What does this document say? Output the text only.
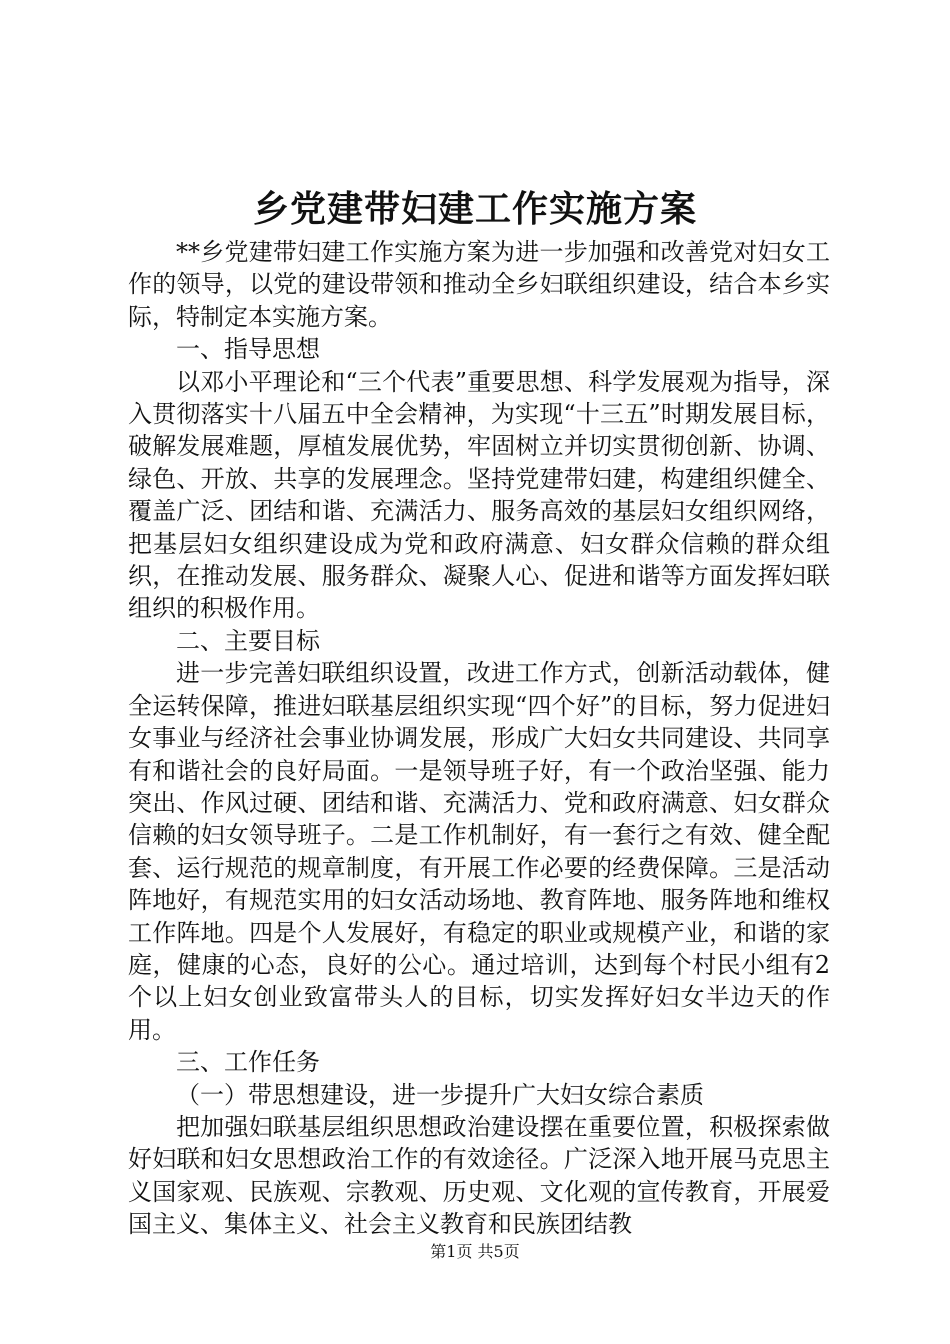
乡党建带妇建工作实施方案

**乡党建带妇建工作实施方案为进一步加强和改善党对妇女工作的领导，以党的建设带领和推动全乡妇联组织建设，结合本乡实际，特制定本实施方案。

一、指导思想

以邓小平理论和“三个代表”重要思想、科学发展观为指导，深入贯彻落实十八届五中全会精神，为实现“十三五”时期发展目标，破解发展难题，厚植发展优势，牢固树立并切实贯彻创新、协调、绿色、开放、共享的发展理念。坚持党建带妇建，构建组织健全、覆盖广泛、团结和谐、充满活力、服务高效的基层妇女组织网络，把基层妇女组织建设成为党和政府满意、妇女群众信赖的群众组织，在推动发展、服务群众、凝聚人心、促进和谐等方面发挥妇联组织的积极作用。

二、主要目标

进一步完善妇联组织设置，改进工作方式，创新活动载体，健全运转保障，推进妇联基层组织实现“四个好”的目标，努力促进妇女事业与经济社会事业协调发展，形成广大妇女共同建设、共同享有和谐社会的良好局面。一是领导班子好，有一个政治坚强、能力突出、作风过硬、团结和谐、充满活力、党和政府满意、妇女群众信赖的妇女领导班子。二是工作机制好，有一套行之有效、健全配套、运行规范的规章制度，有开展工作必要的经费保障。三是活动阵地好，有规范实用的妇女活动场地、教育阵地、服务阵地和维权工作阵地。四是个人发展好，有稳定的职业或规模产业，和谐的家庭，健康的心态，良好的公心。通过培训，达到每个村民小组有2个以上妇女创业致富带头人的目标，切实发挥好妇女半边天的作用。

三、工作任务

（一）带思想建设，进一步提升广大妇女综合素质

把加强妇联基层组织思想政治建设摆在重要位置，积极探索做好妇联和妇女思想政治工作的有效途径。广泛深入地开展马克思主义国家观、民族观、宗教观、历史观、文化观的宣传教育，开展爱国主义、集体主义、社会主义教育和民族团结教

第1页 共5页
